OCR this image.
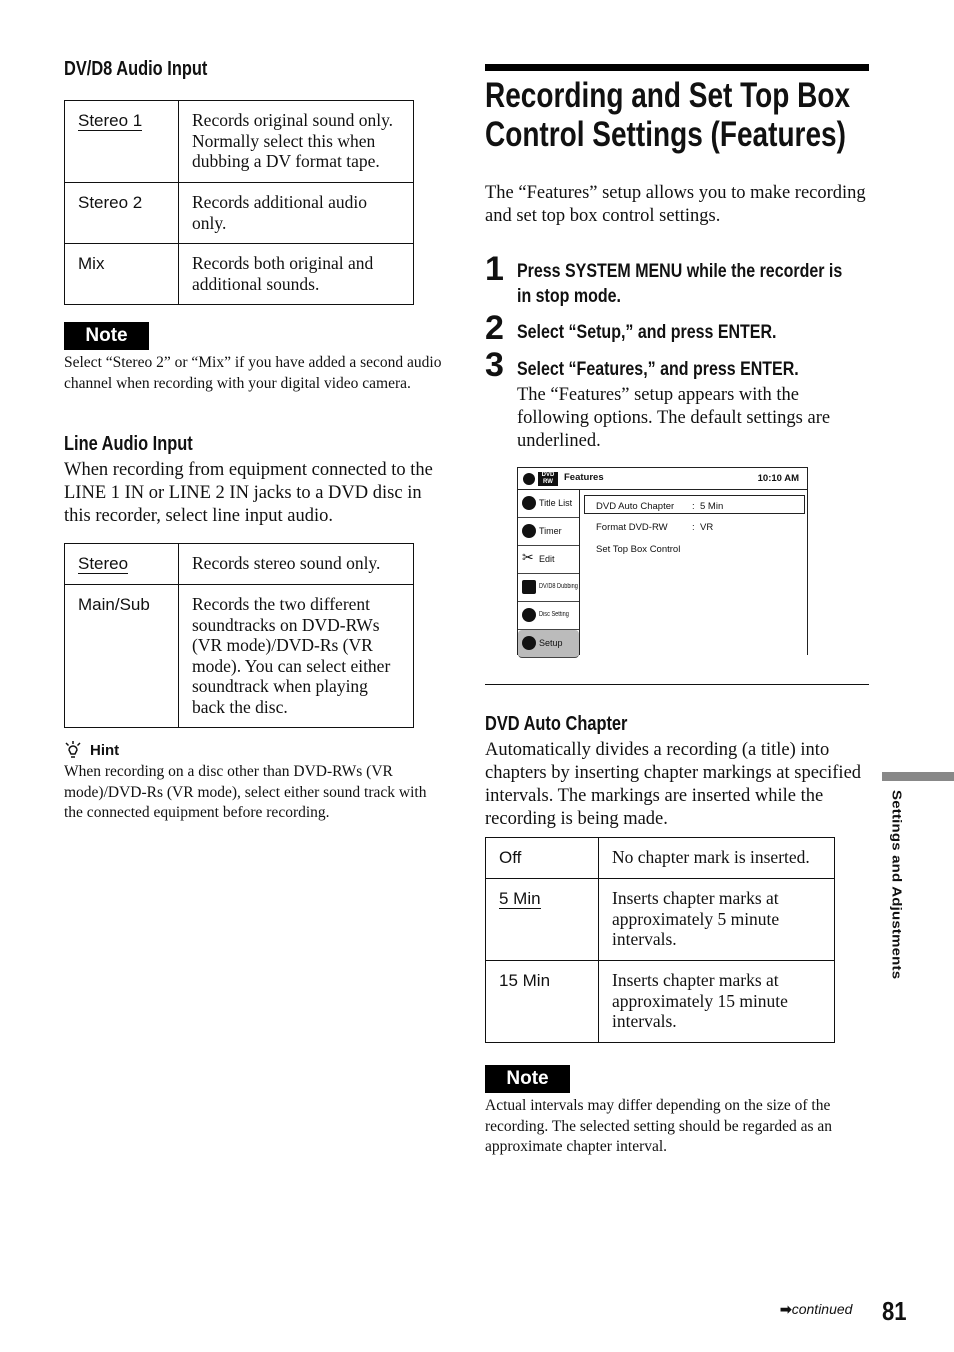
DV/D8 Audio Input
Stereo 1	Records original sound only. Normally select this when dubbing a DV format tape.
Stereo 2	Records additional audio only.
Mix	Records both original and additional sounds.
Note
Select “Stereo 2” or “Mix” if you have added a second audio channel when recording with your digital video camera.
Line Audio Input
When recording from equipment connected to the LINE 1 IN or LINE 2 IN jacks to a DVD disc in this recorder, select line input audio.
Stereo	Records stereo sound only.
Main/Sub	Records the two different soundtracks on DVD-RWs (VR mode)/DVD-Rs (VR mode). You can select either soundtrack when playing back the disc.
Hint
When recording on a disc other than DVD-RWs (VR mode)/DVD-Rs (VR mode), select either sound track with the connected equipment before recording.
Recording and Set Top Box
Control Settings (Features)
The “Features” setup allows you to make recording and set top box control settings.
1 Press SYSTEM MENU while the recorder is
in stop mode.
2 Select “Setup,” and press ENTER.
3 Select “Features,” and press ENTER.
The “Features” setup appears with the following options. The default settings are underlined.
DVD RW	Features	10:10 AM
Title List
Timer
✂ Edit
DV/D8 Dubbing
Disc Setting
Setup
DVD Auto Chapter : 5 Min
Format DVD-RW	: VR
Set Top Box Control
DVD Auto Chapter
Automatically divides a recording (a title) into chapters by inserting chapter markings at specified intervals. The markings are inserted while the recording is being made.
Off	No chapter mark is inserted.
5 Min	Inserts chapter marks at approximately 5 minute intervals.
15 Min	Inserts chapter marks at approximately 15 minute intervals.
Note
Actual intervals may differ depending on the size of the recording. The selected setting should be regarded as an approximate chapter interval.
Settings and Adjustments
➡continued 81
